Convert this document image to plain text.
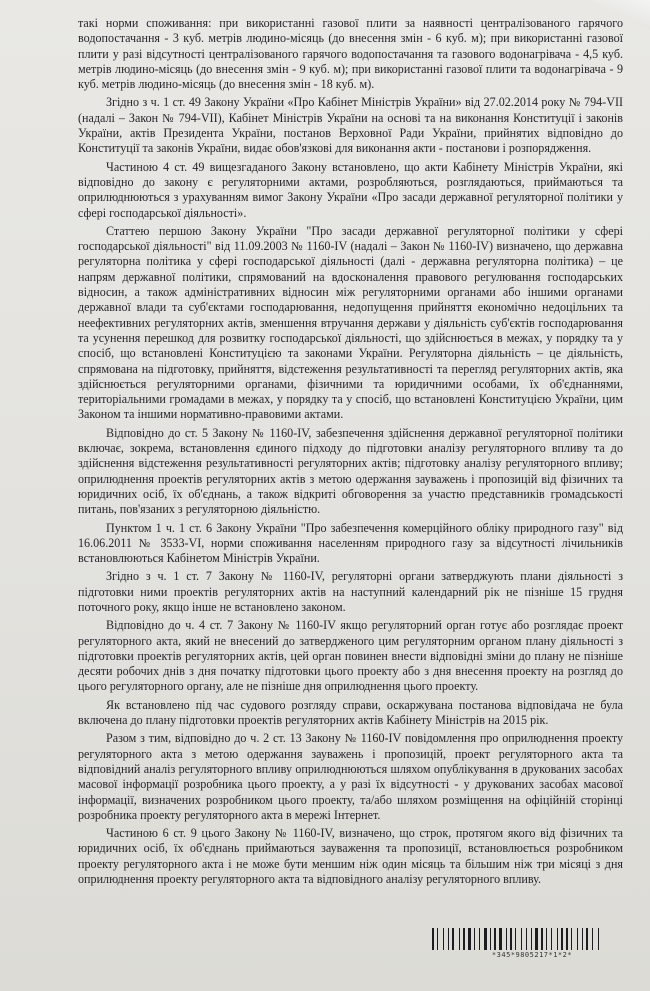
такі норми споживання: при використанні газової плити за наявності централізованого гарячого водопостачання - 3 куб. метрів людино-місяць (до внесення змін - 6 куб. м); при використанні газової плити у разі відсутності централізованого гарячого водопостачання та газового водонагрівача - 4,5 куб. метрів людино-місяць (до внесення змін - 9 куб. м); при використанні газової плити та водонагрівача - 9 куб. метрів людино-місяць (до внесення змін - 18 куб. м).

Згідно з ч. 1 ст. 49 Закону України «Про Кабінет Міністрів України» від 27.02.2014 року № 794-VII (надалі – Закон № 794-VII), Кабінет Міністрів України на основі та на виконання Конституції і законів України, актів Президента України, постанов Верховної Ради України, прийнятих відповідно до Конституції та законів України, видає обов'язкові для виконання акти - постанови і розпорядження.

Частиною 4 ст. 49 вищезгаданого Закону встановлено, що акти Кабінету Міністрів України, які відповідно до закону є регуляторними актами, розробляються, розглядаються, приймаються та оприлюднюються з урахуванням вимог Закону України «Про засади державної регуляторної політики у сфері господарської діяльності».

Статтею першою Закону України "Про засади державної регуляторної політики у сфері господарської діяльності" від 11.09.2003 № 1160-IV (надалі – Закон № 1160-IV) визначено, що державна регуляторна політика у сфері господарської діяльності (далі - державна регуляторна політика) – це напрям державної політики, спрямований на вдосконалення правового регулювання господарських відносин, а також адміністративних відносин між регуляторними органами або іншими органами державної влади та суб'єктами господарювання, недопущення прийняття економічно недоцільних та неефективних регуляторних актів, зменшення втручання держави у діяльність суб'єктів господарювання та усунення перешкод для розвитку господарської діяльності, що здійснюється в межах, у порядку та у спосіб, що встановлені Конституцією та законами України. Регуляторна діяльність – це діяльність, спрямована на підготовку, прийняття, відстеження результативності та перегляд регуляторних актів, яка здійснюється регуляторними органами, фізичними та юридичними особами, їх об'єднаннями, територіальними громадами в межах, у порядку та у спосіб, що встановлені Конституцією України, цим Законом та іншими нормативно-правовими актами.

Відповідно до ст. 5 Закону № 1160-IV, забезпечення здійснення державної регуляторної політики включає, зокрема, встановлення єдиного підходу до підготовки аналізу регуляторного впливу та до здійснення відстеження результативності регуляторних актів; підготовку аналізу регуляторного впливу; оприлюднення проектів регуляторних актів з метою одержання зауважень і пропозицій від фізичних та юридичних осіб, їх об'єднань, а також відкриті обговорення за участю представників громадськості питань, пов'язаних з регуляторною діяльністю.

Пунктом 1 ч. 1 ст. 6 Закону України "Про забезпечення комерційного обліку природного газу" від 16.06.2011 № 3533-VI, норми споживання населенням природного газу за відсутності лічильників встановлюються Кабінетом Міністрів України.

Згідно з ч. 1 ст. 7 Закону № 1160-IV, регуляторні органи затверджують плани діяльності з підготовки ними проектів регуляторних актів на наступний календарний рік не пізніше 15 грудня поточного року, якщо інше не встановлено законом.

Відповідно до ч. 4 ст. 7 Закону № 1160-IV якщо регуляторний орган готує або розглядає проект регуляторного акта, який не внесений до затвердженого цим регуляторним органом плану діяльності з підготовки проектів регуляторних актів, цей орган повинен внести відповідні зміни до плану не пізніше десяти робочих днів з дня початку підготовки цього проекту або з дня внесення проекту на розгляд до цього регуляторного органу, але не пізніше дня оприлюднення цього проекту.

Як встановлено під час судового розгляду справи, оскаржувана постанова відповідача не була включена до плану підготовки проектів регуляторних актів Кабінету Міністрів на 2015 рік.

Разом з тим, відповідно до ч. 2 ст. 13 Закону № 1160-IV повідомлення про оприлюднення проекту регуляторного акта з метою одержання зауважень і пропозицій, проект регуляторного акта та відповідний аналіз регуляторного впливу оприлюднюються шляхом опублікування в друкованих засобах масової інформації розробника цього проекту, а у разі їх відсутності - у друкованих засобах масової інформації, визначених розробником цього проекту, та/або шляхом розміщення на офіційній сторінці розробника проекту регуляторного акта в мережі Інтернет.

Частиною 6 ст. 9 цього Закону № 1160-IV, визначено, що строк, протягом якого від фізичних та юридичних осіб, їх об'єднань приймаються зауваження та пропозиції, встановлюється розробником проекту регуляторного акта і не може бути меншим ніж один місяць та більшим ніж три місяці з дня оприлюднення проекту регуляторного акта та відповідного аналізу регуляторного впливу.

*345*9805217*1*2*
